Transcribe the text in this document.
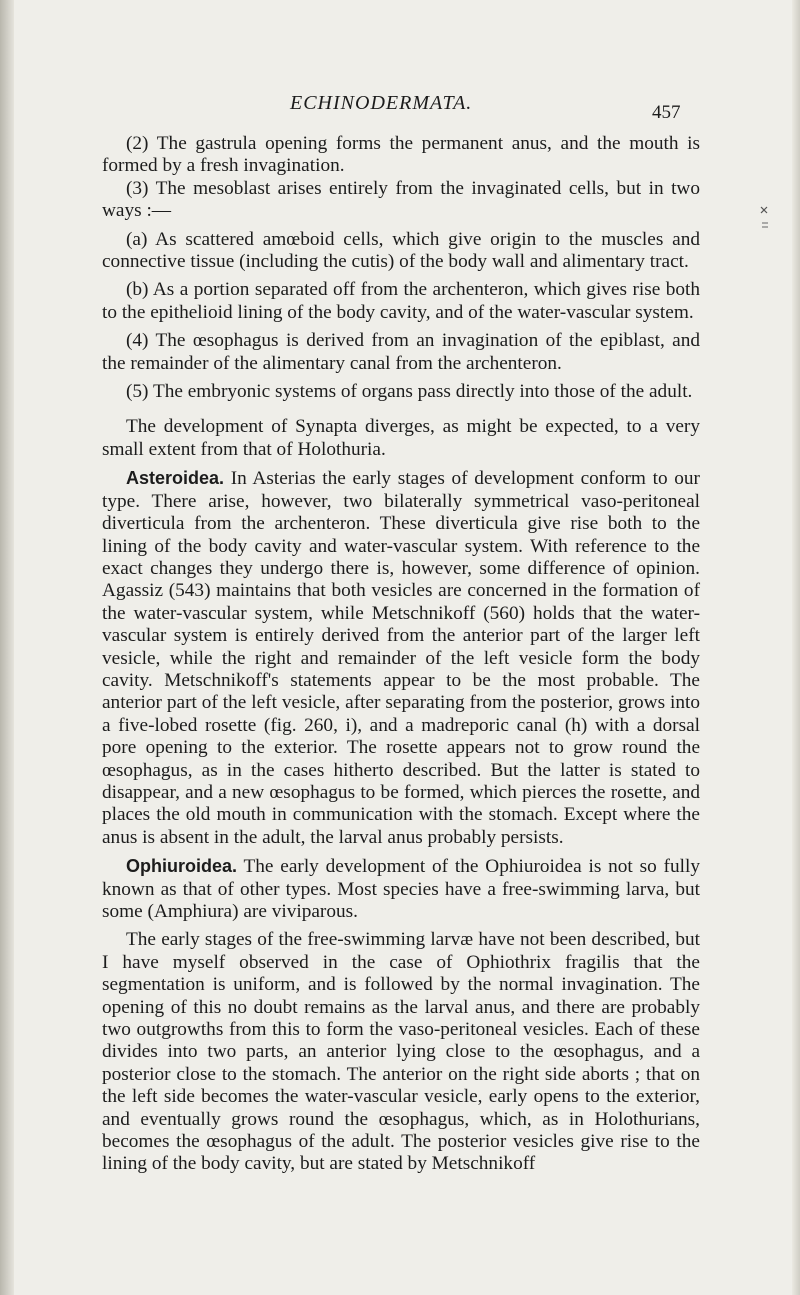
ECHINODERMATA.	457

(2) The gastrula opening forms the permanent anus, and the mouth is formed by a fresh invagination.

(3) The mesoblast arises entirely from the invaginated cells, but in two ways :—

(a) As scattered amœboid cells, which give origin to the muscles and connective tissue (including the cutis) of the body wall and alimentary tract.

(b) As a portion separated off from the archenteron, which gives rise both to the epithelioid lining of the body cavity, and of the water-vascular system.

(4) The œsophagus is derived from an invagination of the epiblast, and the remainder of the alimentary canal from the archenteron.

(5) The embryonic systems of organs pass directly into those of the adult.

The development of Synapta diverges, as might be expected, to a very small extent from that of Holothuria.

Asteroidea. In Asterias the early stages of development conform to our type. There arise, however, two bilaterally symmetrical vaso-peritoneal diverticula from the archenteron. These diverticula give rise both to the lining of the body cavity and water-vascular system. With reference to the exact changes they undergo there is, however, some difference of opinion. Agassiz (543) maintains that both vesicles are concerned in the formation of the water-vascular system, while Metschnikoff (560) holds that the water-vascular system is entirely derived from the anterior part of the larger left vesicle, while the right and remainder of the left vesicle form the body cavity. Metschnikoff's statements appear to be the most probable. The anterior part of the left vesicle, after separating from the posterior, grows into a five-lobed rosette (fig. 260, i), and a madreporic canal (h) with a dorsal pore opening to the exterior. The rosette appears not to grow round the œsophagus, as in the cases hitherto described. But the latter is stated to disappear, and a new œsophagus to be formed, which pierces the rosette, and places the old mouth in communication with the stomach. Except where the anus is absent in the adult, the larval anus probably persists.

Ophiuroidea. The early development of the Ophiuroidea is not so fully known as that of other types. Most species have a free-swimming larva, but some (Amphiura) are viviparous.

The early stages of the free-swimming larvæ have not been described, but I have myself observed in the case of Ophiothrix fragilis that the segmentation is uniform, and is followed by the normal invagination. The opening of this no doubt remains as the larval anus, and there are probably two outgrowths from this to form the vaso-peritoneal vesicles. Each of these divides into two parts, an anterior lying close to the œsophagus, and a posterior close to the stomach. The anterior on the right side aborts ; that on the left side becomes the water-vascular vesicle, early opens to the exterior, and eventually grows round the œsophagus, which, as in Holothurians, becomes the œsophagus of the adult. The posterior vesicles give rise to the lining of the body cavity, but are stated by Metschnikoff
